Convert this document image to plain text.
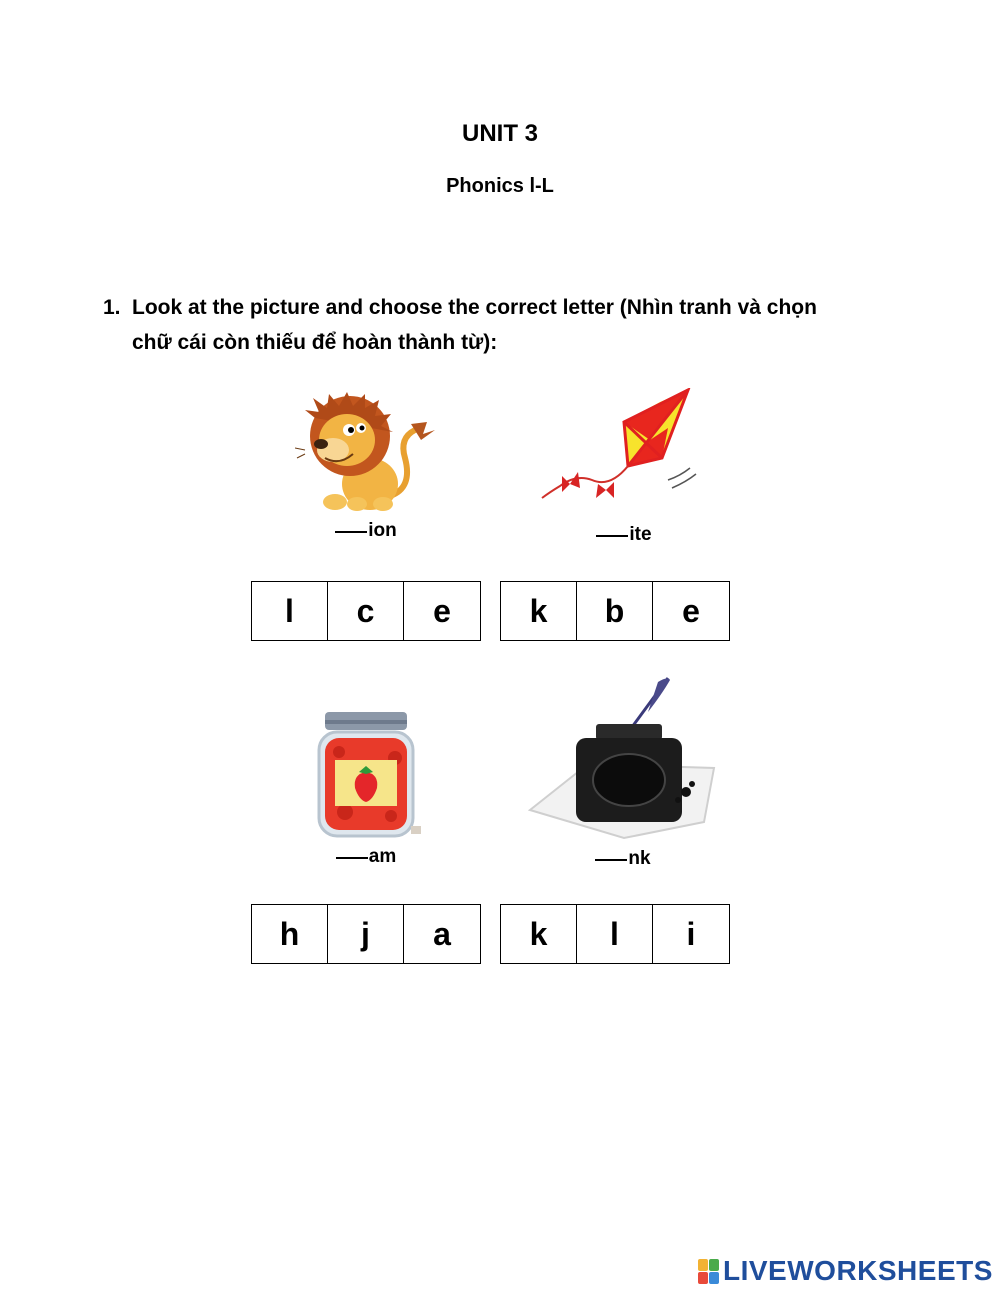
UNIT 3
Phonics l-L
1. Look at the picture and choose the correct letter (Nhìn tranh và chọn
chữ cái còn thiếu để hoàn thành từ):
ion	ite
am	nk
l	c	e	k	b	e
h	j	a	k	l	i
LIVEWORKSHEETS
